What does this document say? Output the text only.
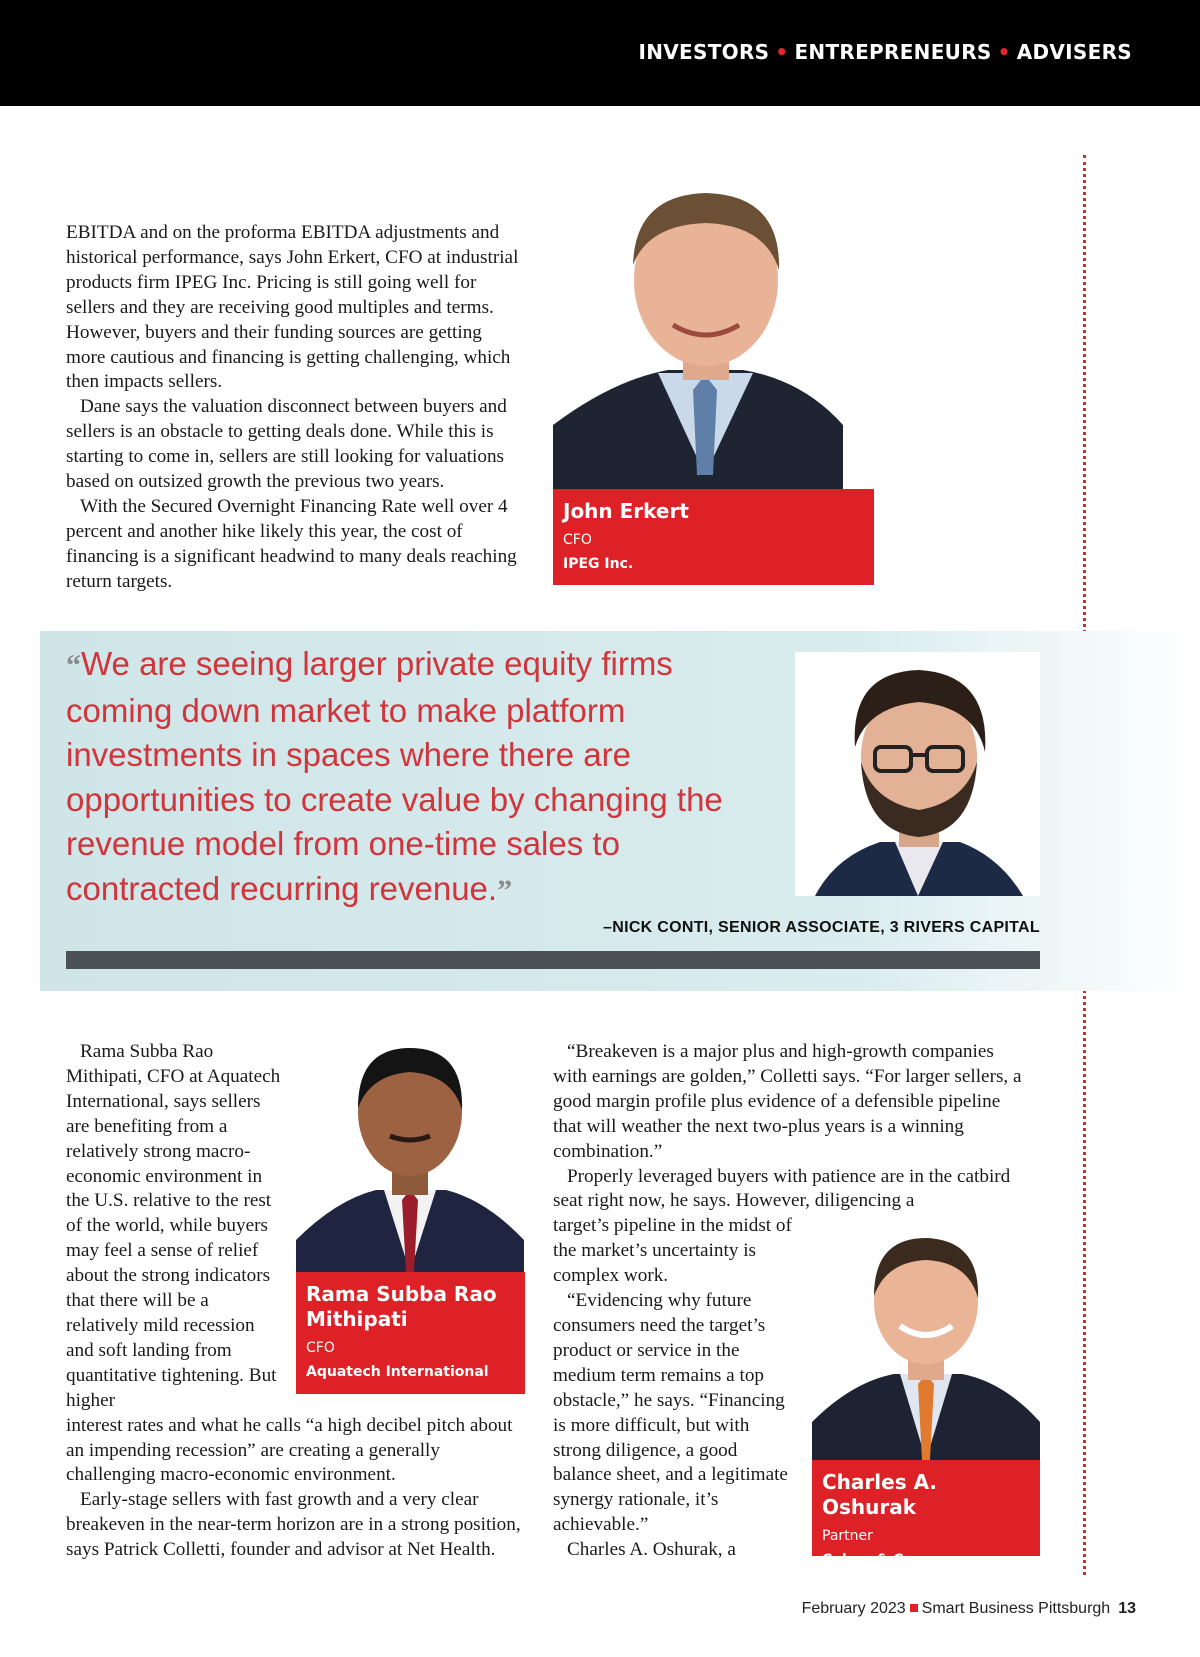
INVESTORS • ENTREPRENEURS • ADVISERS

EBITDA and on the proforma EBITDA adjustments and historical performance, says John Erkert, CFO at industrial products firm IPEG Inc. Pricing is still going well for sellers and they are receiving good multiples and terms. However, buyers and their funding sources are getting more cautious and financing is getting challenging, which then impacts sellers.

Dane says the valuation disconnect between buyers and sellers is an obstacle to getting deals done. While this is starting to come in, sellers are still looking for valuations based on outsized growth the previous two years.

With the Secured Overnight Financing Rate well over 4 percent and another hike likely this year, the cost of financing is a significant headwind to many deals reaching return targets.

John Erkert
CFO
IPEG Inc.
“We are seeing larger private equity firms coming down market to make platform investments in spaces where there are opportunities to create value by changing the revenue model from one-time sales to contracted recurring revenue.”
–NICK CONTI, SENIOR ASSOCIATE, 3 RIVERS CAPITAL

Rama Subba Rao Mithipati, CFO at Aquatech International, says sellers are benefiting from a relatively strong macro-economic environment in the U.S. relative to the rest of the world, while buyers may feel a sense of relief about the strong indicators that there will be a relatively mild recession and soft landing from quantitative tightening. But higher

interest rates and what he calls “a high decibel pitch about an impending recession” are creating a generally challenging macro-economic environment.

Early-stage sellers with fast growth and a very clear breakeven in the near-term horizon are in a strong position, says Patrick Colletti, founder and advisor at Net Health.

Rama Subba Rao Mithipati
CFO
Aquatech International

“Breakeven is a major plus and high-growth companies with earnings are golden,” Colletti says. “For larger sellers, a good margin profile plus evidence of a defensible pipeline that will weather the next two-plus years is a winning combination.”

Properly leveraged buyers with patience are in the catbird seat right now, he says. However, diligencing a

target’s pipeline in the midst of the market’s uncertainty is complex work.

“Evidencing why future consumers need the target’s product or service in the medium term remains a top obstacle,” he says. “Financing is more difficult, but with strong diligence, a good balance sheet, and a legitimate synergy rationale, it’s achievable.”

Charles A. Oshurak, a

Charles A. Oshurak
Partner
Cohen & Co.
February 2023 Smart Business Pittsburgh 13
